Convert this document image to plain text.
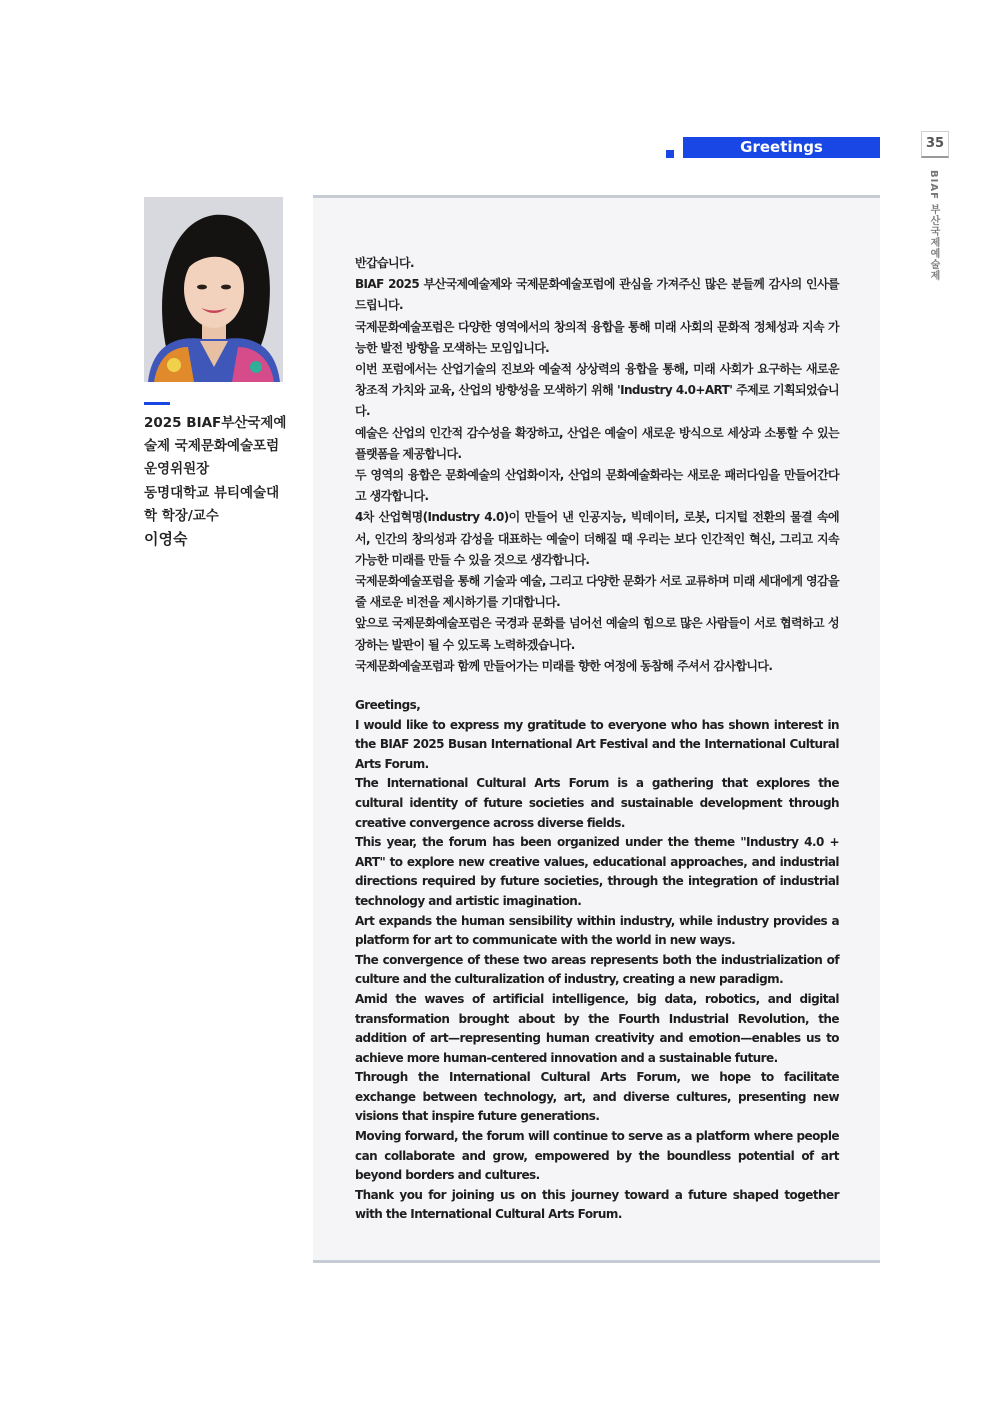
Greetings	35
BIAF 부산국제예술제
2025 BIAF부산국제예
술제 국제문화예술포럼
운영위원장
동명대학교 뷰티예술대
학 학장/교수
이영숙

반갑습니다.

BIAF 2025 부산국제예술제와 국제문화예술포럼에 관심을 가져주신 많은 분들께 감사의 인사를 드립니다.

국제문화예술포럼은 다양한 영역에서의 창의적 융합을 통해 미래 사회의 문화적 정체성과 지속 가능한 발전 방향을 모색하는 모임입니다.

이번 포럼에서는 산업기술의 진보와 예술적 상상력의 융합을 통해, 미래 사회가 요구하는 새로운 창조적 가치와 교육, 산업의 방향성을 모색하기 위해 'Industry 4.0+ART' 주제로 기획되었습니다.

예술은 산업의 인간적 감수성을 확장하고, 산업은 예술이 새로운 방식으로 세상과 소통할 수 있는 플랫폼을 제공합니다.

두 영역의 융합은 문화예술의 산업화이자, 산업의 문화예술화라는 새로운 패러다임을 만들어간다고 생각합니다.

4차 산업혁명(Industry 4.0)이 만들어 낸 인공지능, 빅데이터, 로봇, 디지털 전환의 물결 속에서, 인간의 창의성과 감성을 대표하는 예술이 더해질 때 우리는 보다 인간적인 혁신, 그리고 지속 가능한 미래를 만들 수 있을 것으로 생각합니다.

국제문화예술포럼을 통해 기술과 예술, 그리고 다양한 문화가 서로 교류하며 미래 세대에게 영감을 줄 새로운 비전을 제시하기를 기대합니다.

앞으로 국제문화예술포럼은 국경과 문화를 넘어선 예술의 힘으로 많은 사람들이 서로 협력하고 성장하는 발판이 될 수 있도록 노력하겠습니다.

국제문화예술포럼과 함께 만들어가는 미래를 향한 여정에 동참해 주셔서 감사합니다.

Greetings,

I would like to express my gratitude to everyone who has shown interest in the BIAF 2025 Busan International Art Festival and the International Cultural Arts Forum.

The International Cultural Arts Forum is a gathering that explores the cultural identity of future societies and sustainable development through creative convergence across diverse fields.

This year, the forum has been organized under the theme "Industry 4.0 + ART" to explore new creative values, educational approaches, and industrial directions required by future societies, through the integration of industrial technology and artistic imagination.

Art expands the human sensibility within industry, while industry provides a platform for art to communicate with the world in new ways.

The convergence of these two areas represents both the industrialization of culture and the culturalization of industry, creating a new paradigm.

Amid the waves of artificial intelligence, big data, robotics, and digital transformation brought about by the Fourth Industrial Revolution, the addition of art—representing human creativity and emotion—enables us to achieve more human-centered innovation and a sustainable future.

Through the International Cultural Arts Forum, we hope to facilitate exchange between technology, art, and diverse cultures, presenting new visions that inspire future generations.

Moving forward, the forum will continue to serve as a platform where people can collaborate and grow, empowered by the boundless potential of art beyond borders and cultures.

Thank you for joining us on this journey toward a future shaped together with the International Cultural Arts Forum.
